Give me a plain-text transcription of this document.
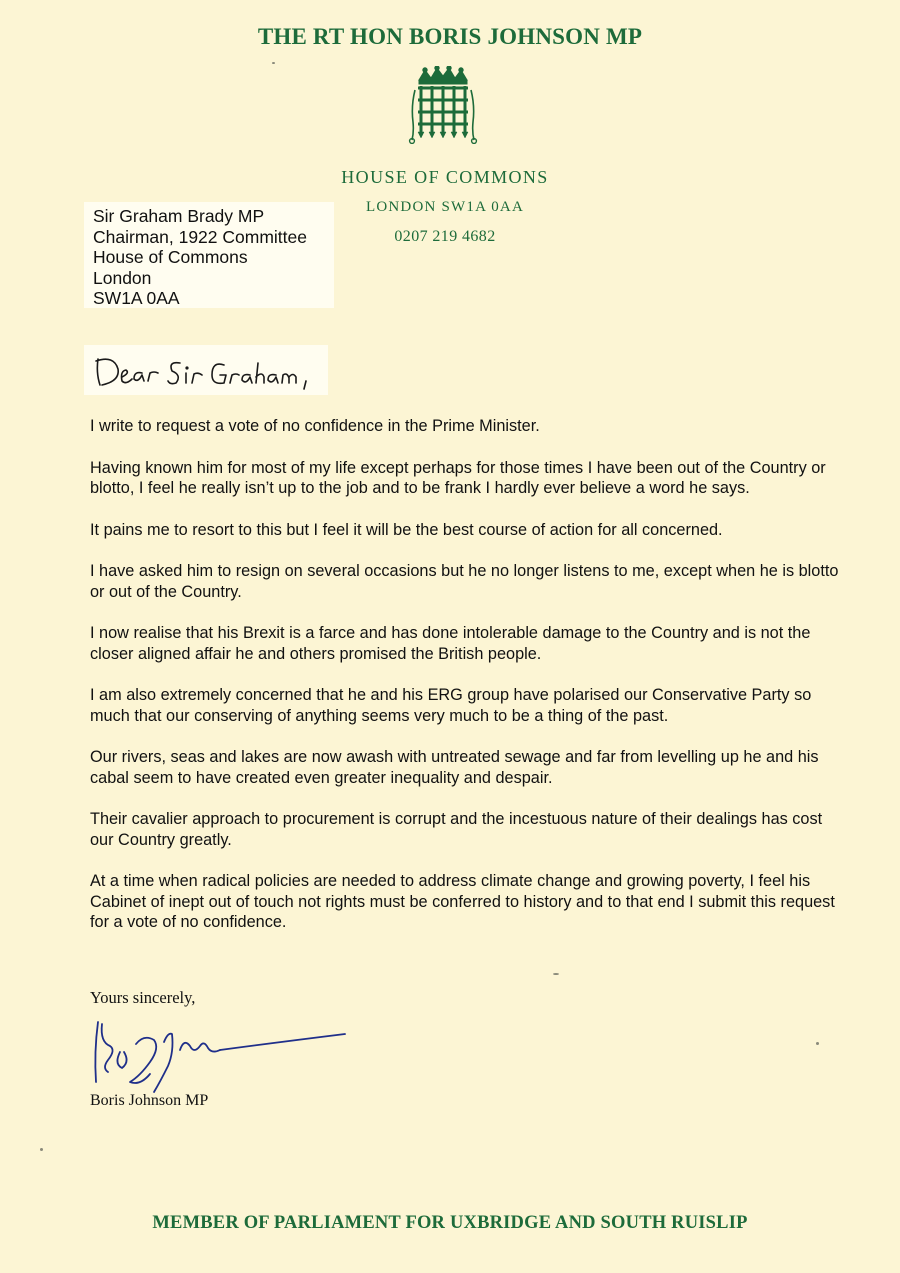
THE RT HON BORIS JOHNSON MP
HOUSE OF COMMONS
LONDON SW1A 0AA
0207 219 4682
Sir Graham Brady MP
Chairman, 1922 Committee
House of Commons
London
SW1A 0AA

I write to request a vote of no confidence in the Prime Minister.

Having known him for most of my life except perhaps for those times I have been out of the Country or blotto, I feel he really isn’t up to the job and to be frank I hardly ever believe a word he says.

It pains me to resort to this but I feel it will be the best course of action for all concerned.

I have asked him to resign on several occasions but he no longer listens to me, except when he is blotto or out of the Country.

I now realise that his Brexit is a farce and has done intolerable damage to the Country and is not the closer aligned affair he and others promised the British people.

I am also extremely concerned that he and his ERG group have polarised our Conservative Party so much that our conserving of anything seems very much to be a thing of the past.

Our rivers, seas and lakes are now awash with untreated sewage and far from levelling up he and his cabal seem to have created even greater inequality and despair.

Their cavalier approach to procurement is corrupt and the incestuous nature of their dealings has cost our Country greatly.

At a time when radical policies are needed to address climate change and growing poverty, I feel his Cabinet of inept out of touch not rights must be conferred to history and to that end I submit this request for a vote of no confidence.

Yours sincerely,
Boris Johnson MP
MEMBER OF PARLIAMENT FOR UXBRIDGE AND SOUTH RUISLIP
